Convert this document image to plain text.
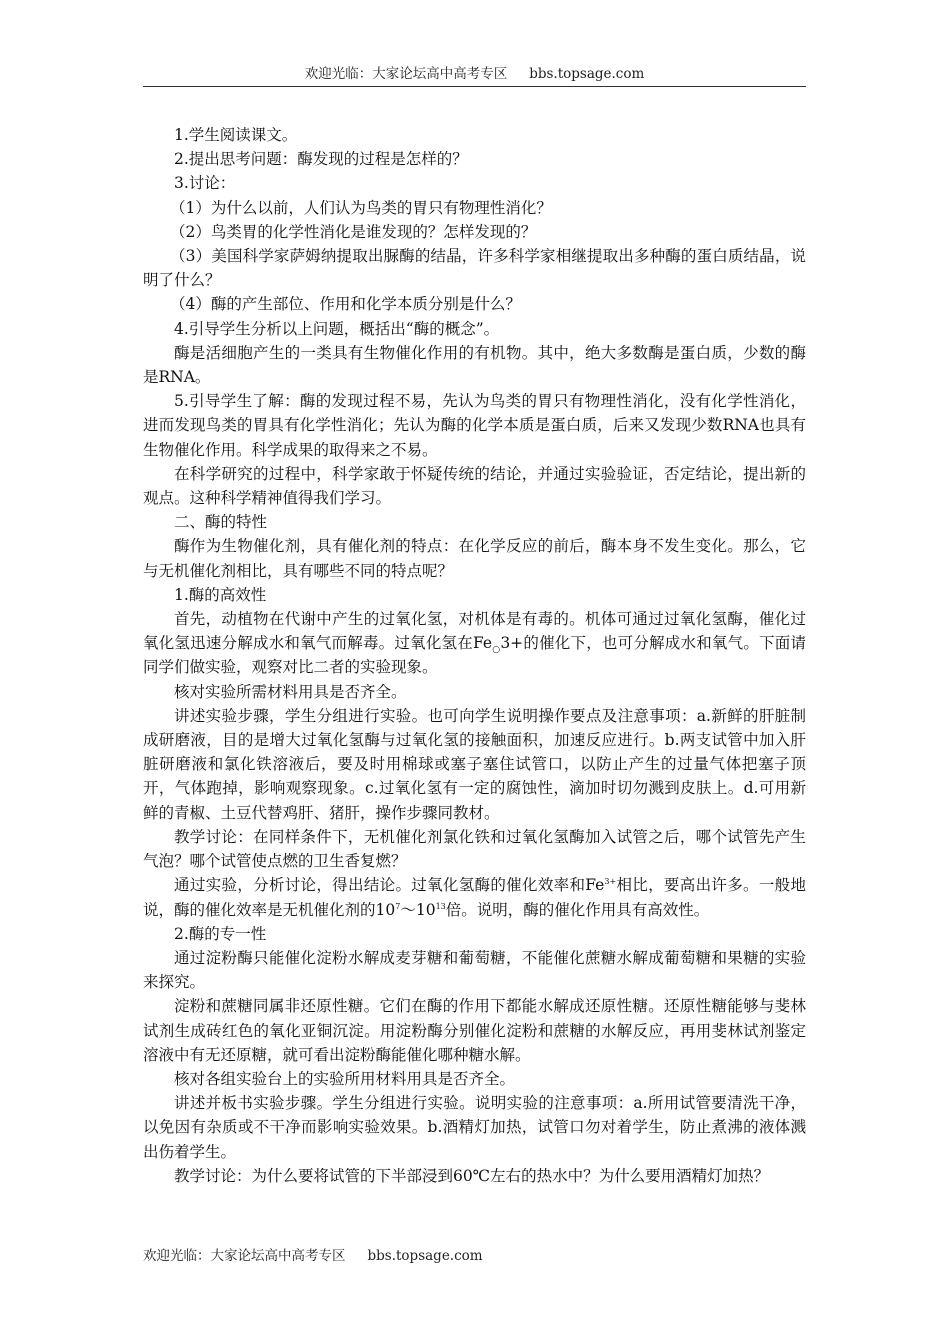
欢迎光临：大家论坛高中高考专区 bbs.topsage.com

1.学生阅读课文。

2.提出思考问题：酶发现的过程是怎样的？

3.讨论：

（1）为什么以前，人们认为鸟类的胃只有物理性消化？

（2）鸟类胃的化学性消化是谁发现的？怎样发现的？

（3）美国科学家萨姆纳提取出脲酶的结晶，许多科学家相继提取出多种酶的蛋白质结晶，说明了什么？

（4）酶的产生部位、作用和化学本质分别是什么？

4.引导学生分析以上问题，概括出“酶的概念”。

酶是活细胞产生的一类具有生物催化作用的有机物。其中，绝大多数酶是蛋白质，少数的酶是RNA。

5.引导学生了解：酶的发现过程不易，先认为鸟类的胃只有物理性消化，没有化学性消化，进而发现鸟类的胃具有化学性消化；先认为酶的化学本质是蛋白质，后来又发现少数RNA也具有生物催化作用。科学成果的取得来之不易。

在科学研究的过程中，科学家敢于怀疑传统的结论，并通过实验验证，否定结论，提出新的观点。这种科学精神值得我们学习。

二、酶的特性

酶作为生物催化剂，具有催化剂的特点：在化学反应的前后，酶本身不发生变化。那么，它与无机催化剂相比，具有哪些不同的特点呢？

1.酶的高效性

首先，动植物在代谢中产生的过氧化氢，对机体是有毒的。机体可通过过氧化氢酶，催化过氧化氢迅速分解成水和氧气而解毒。过氧化氢在$Fe_○3+$的催化下，也可分解成水和氧气。下面请同学们做实验，观察对比二者的实验现象。

核对实验所需材料用具是否齐全。

讲述实验步骤，学生分组进行实验。也可向学生说明操作要点及注意事项：a.新鲜的肝脏制成研磨液，目的是增大过氧化氢酶与过氧化氢的接触面积，加速反应进行。b.两支试管中加入肝脏研磨液和氯化铁溶液后，要及时用棉球或塞子塞住试管口，以防止产生的过量气体把塞子顶开，气体跑掉，影响观察现象。c.过氧化氢有一定的腐蚀性，滴加时切勿溅到皮肤上。d.可用新鲜的青椒、土豆代替鸡肝、猪肝，操作步骤同教材。

教学讨论：在同样条件下，无机催化剂氯化铁和过氧化氢酶加入试管之后，哪个试管先产生气泡？哪个试管使点燃的卫生香复燃？

通过实验，分析讨论，得出结论。过氧化氢酶的催化效率和$Fe^{3+}$相比，要高出许多。一般地说，酶的催化效率是无机催化剂的$10^7\sim 10^{13}$倍。说明，酶的催化作用具有高效性。

2.酶的专一性

通过淀粉酶只能催化淀粉水解成麦芽糖和葡萄糖，不能催化蔗糖水解成葡萄糖和果糖的实验来探究。

淀粉和蔗糖同属非还原性糖。它们在酶的作用下都能水解成还原性糖。还原性糖能够与斐林试剂生成砖红色的氧化亚铜沉淀。用淀粉酶分别催化淀粉和蔗糖的水解反应，再用斐林试剂鉴定溶液中有无还原糖，就可看出淀粉酶能催化哪种糖水解。

核对各组实验台上的实验所用材料用具是否齐全。

讲述并板书实验步骤。学生分组进行实验。说明实验的注意事项：a.所用试管要清洗干净，以免因有杂质或不干净而影响实验效果。b.酒精灯加热，试管口勿对着学生，防止煮沸的液体溅出伤着学生。

教学讨论：为什么要将试管的下半部浸到60℃左右的热水中？为什么要用酒精灯加热？

欢迎光临：大家论坛高中高考专区 bbs.topsage.com
